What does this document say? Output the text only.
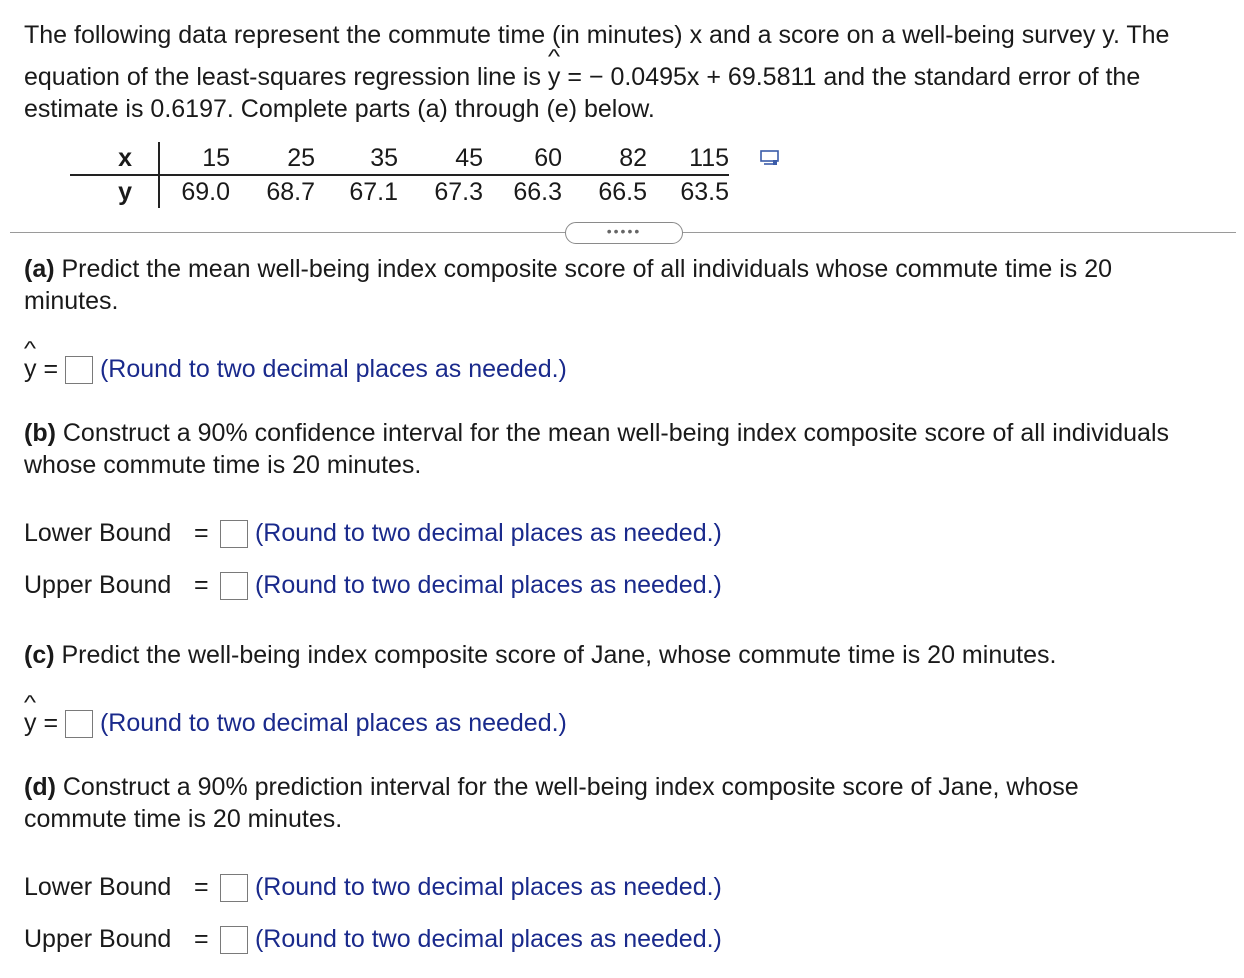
The following data represent the commute time (in minutes) x and a score on a well-being survey y. The

equation of the least-squares regression line is ^ y = − 0.0495x + 69.5811 and the standard error of the

estimate is 0.6197. Complete parts (a) through (e) below.

x	15	25	35	45	60	82	115
y	69.0	68.7	67.1	67.3	66.3	66.5	63.5
•••••

(a) Predict the mean well-being index composite score of all individuals whose commute time is 20

minutes.

^ y = (Round to two decimal places as needed.)

(b) Construct a 90% confidence interval for the mean well-being index composite score of all individuals

whose commute time is 20 minutes.

Lower Bound = (Round to two decimal places as needed.)
Upper Bound = (Round to two decimal places as needed.)

(c) Predict the well-being index composite score of Jane, whose commute time is 20 minutes.

^ y = (Round to two decimal places as needed.)

(d) Construct a 90% prediction interval for the well-being index composite score of Jane, whose

commute time is 20 minutes.

Lower Bound = (Round to two decimal places as needed.)
Upper Bound = (Round to two decimal places as needed.)
